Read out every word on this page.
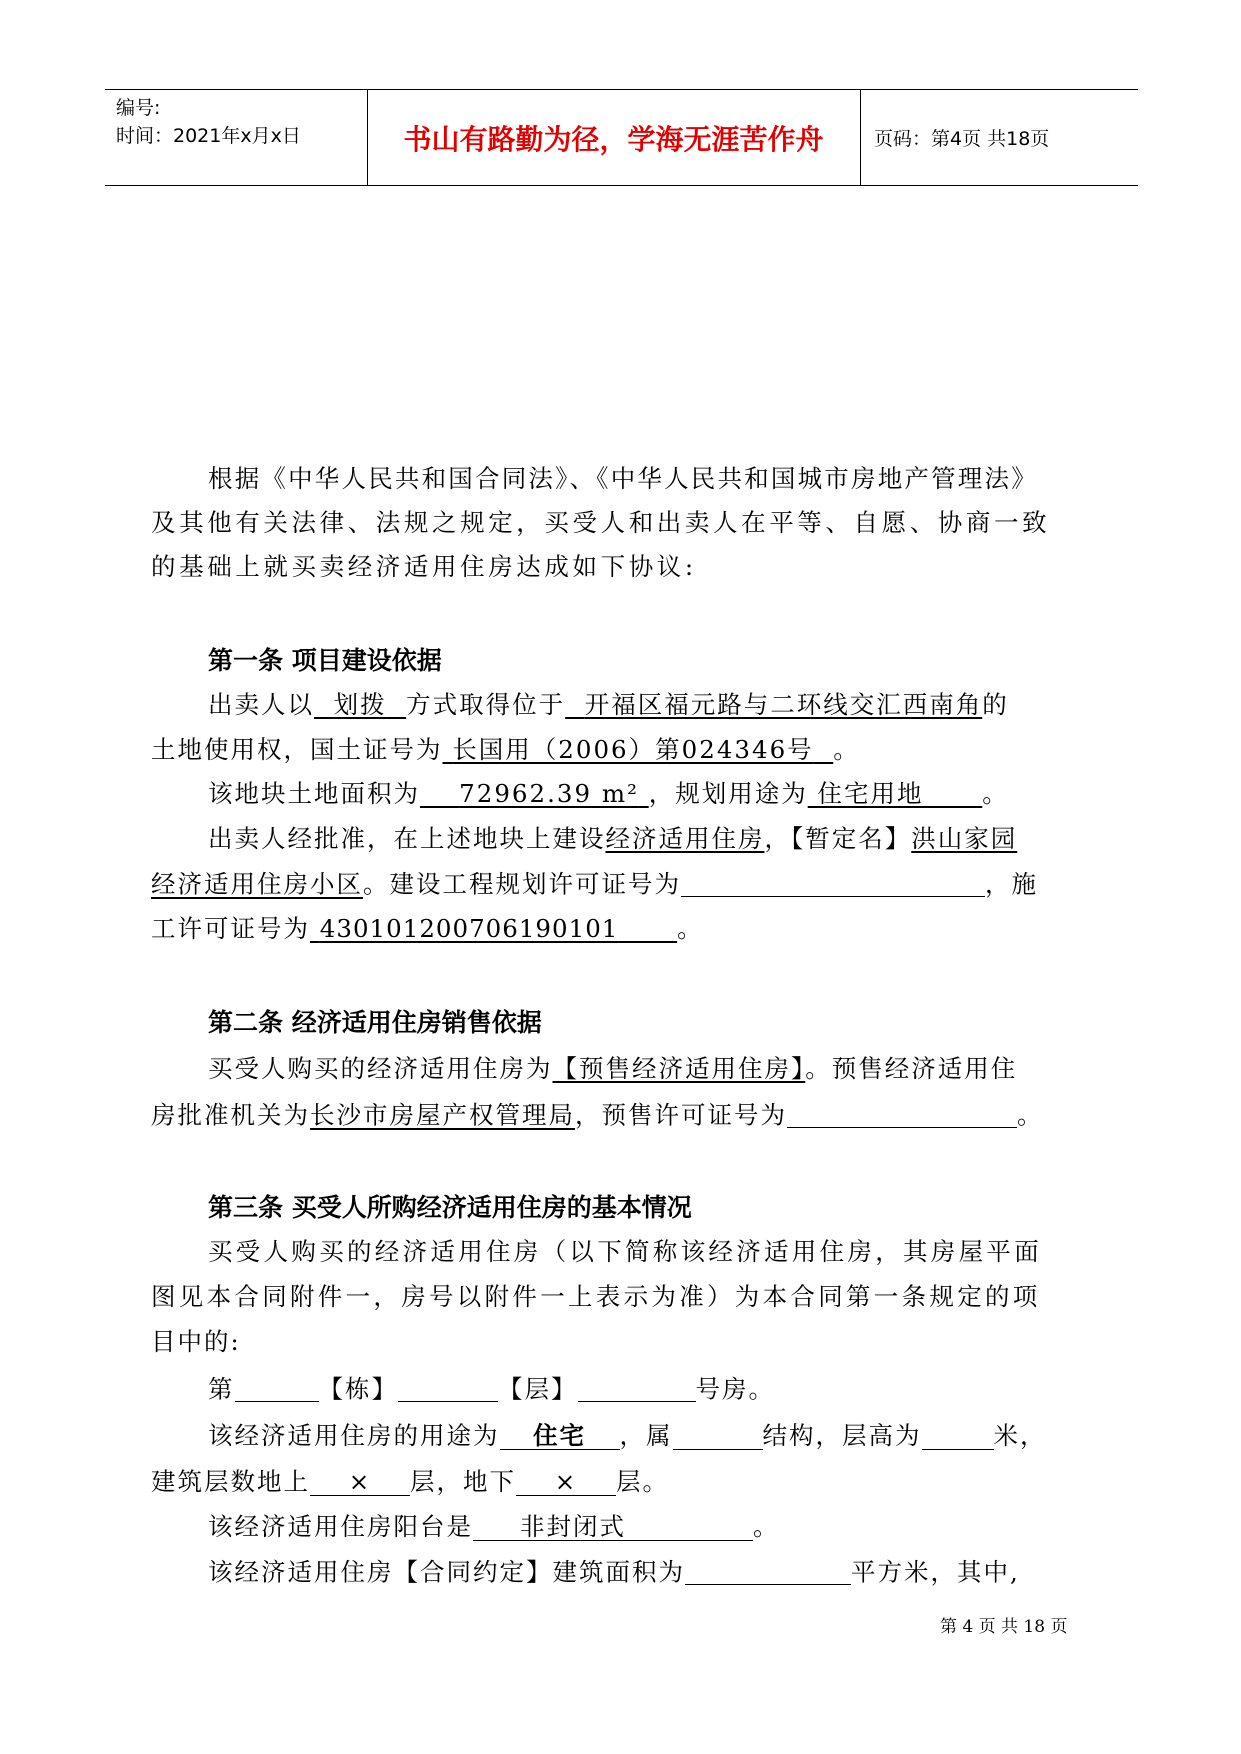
编号:
时间：2021年x月x日	书山有路勤为径，学海无涯苦作舟	页码：第4页 共18页
根据《中华人民共和国合同法》、《中华人民共和国城市房地产管理法》
及其他有关法律、法规之规定，买受人和出卖人在平等、自愿、协商一致
的基础上就买卖经济适用住房达成如下协议:
第一条 项目建设依据
出卖人以 划拨 方式取得位于 开福区福元路与二环线交汇西南角的
土地使用权，国土证号为 长国用（2006）第024346号 。
该地块土地面积为 72962.39 m² ，规划用途为 住宅用地 。
出卖人经批准，在上述地块上建设经济适用住房，【暂定名】洪山家园
经济适用住房小区。建设工程规划许可证号为	，施
工许可证号为 430101200706190101 。
第二条 经济适用住房销售依据
买受人购买的经济适用住房为【预售经济适用住房】。预售经济适用住
房批准机关为长沙市房屋产权管理局，预售许可证号为	。
第三条 买受人所购经济适用住房的基本情况
买受人购买的经济适用住房（以下简称该经济适用住房，其房屋平面
图见本合同附件一，房号以附件一上表示为准）为本合同第一条规定的项
目中的:
第	【栋】	【层】	号房。
该经济适用住房的用途为 住宅 ，属	结构，层高为	米，
建筑层数地上 × 层，地下 × 层。
该经济适用住房阳台是 非封闭式	。
该经济适用住房【合同约定】建筑面积为	平方米，其中,
第 4 页 共 18 页
